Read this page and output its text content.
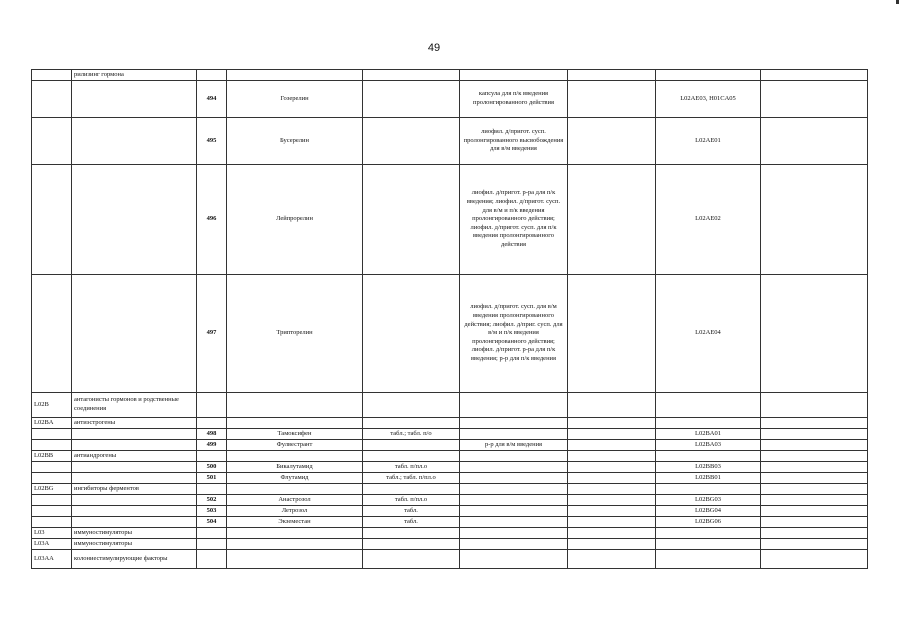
49
	рилизинг гормона							
		494	Гозерелин		капсула для п/к введения пролонгированного действия		L02AE03, H01CA05	
		495	Бусерелин		лиофил. д/пригот. сусп. пролонгированного высвобождения для в/м введения		L02AE01	
		496	Лейпрорелин		лиофил. д/пригот. р-ра для п/к введения; лиофил. д/пригот. сусп. для в/м и п/к введения пролонгированного действия; лиофил. д/пригот. сусп. для п/к введения пролонгированного действия		L02AE02	
		497	Трипторелин		лиофил. д/пригот. сусп. для в/м введения пролонгированного действия; лиофил. д/приг. сусп. для в/м и п/к введения пролонгированного действия; лиофил. д/пригот. р-ра для п/к введения; р-р для п/к введения		L02AE04	
L02B	антагонисты гормонов и родственные соединения							
L02BA	антиэстрогены							
		498	Тамоксифен	табл.; табл. п/о			L02BA01	
		499	Фулвестрант		р-р для в/м введения		L02BA03	
L02BB	антиандрогены							
		500	Бикалутамид	табл. п/пл.о			L02BB03	
		501	Флутамид	табл.; табл. п/пл.о			L02BB01	
L02BG	ингибиторы ферментов							
		502	Анастрозол	табл. п/пл.о			L02BG03	
		503	Летрозол	табл.			L02BG04	
		504	Экземестан	табл.			L02BG06	
L03	иммуностимуляторы							
L03A	иммуностимуляторы							
L03AA	колониестимулирующие факторы							
